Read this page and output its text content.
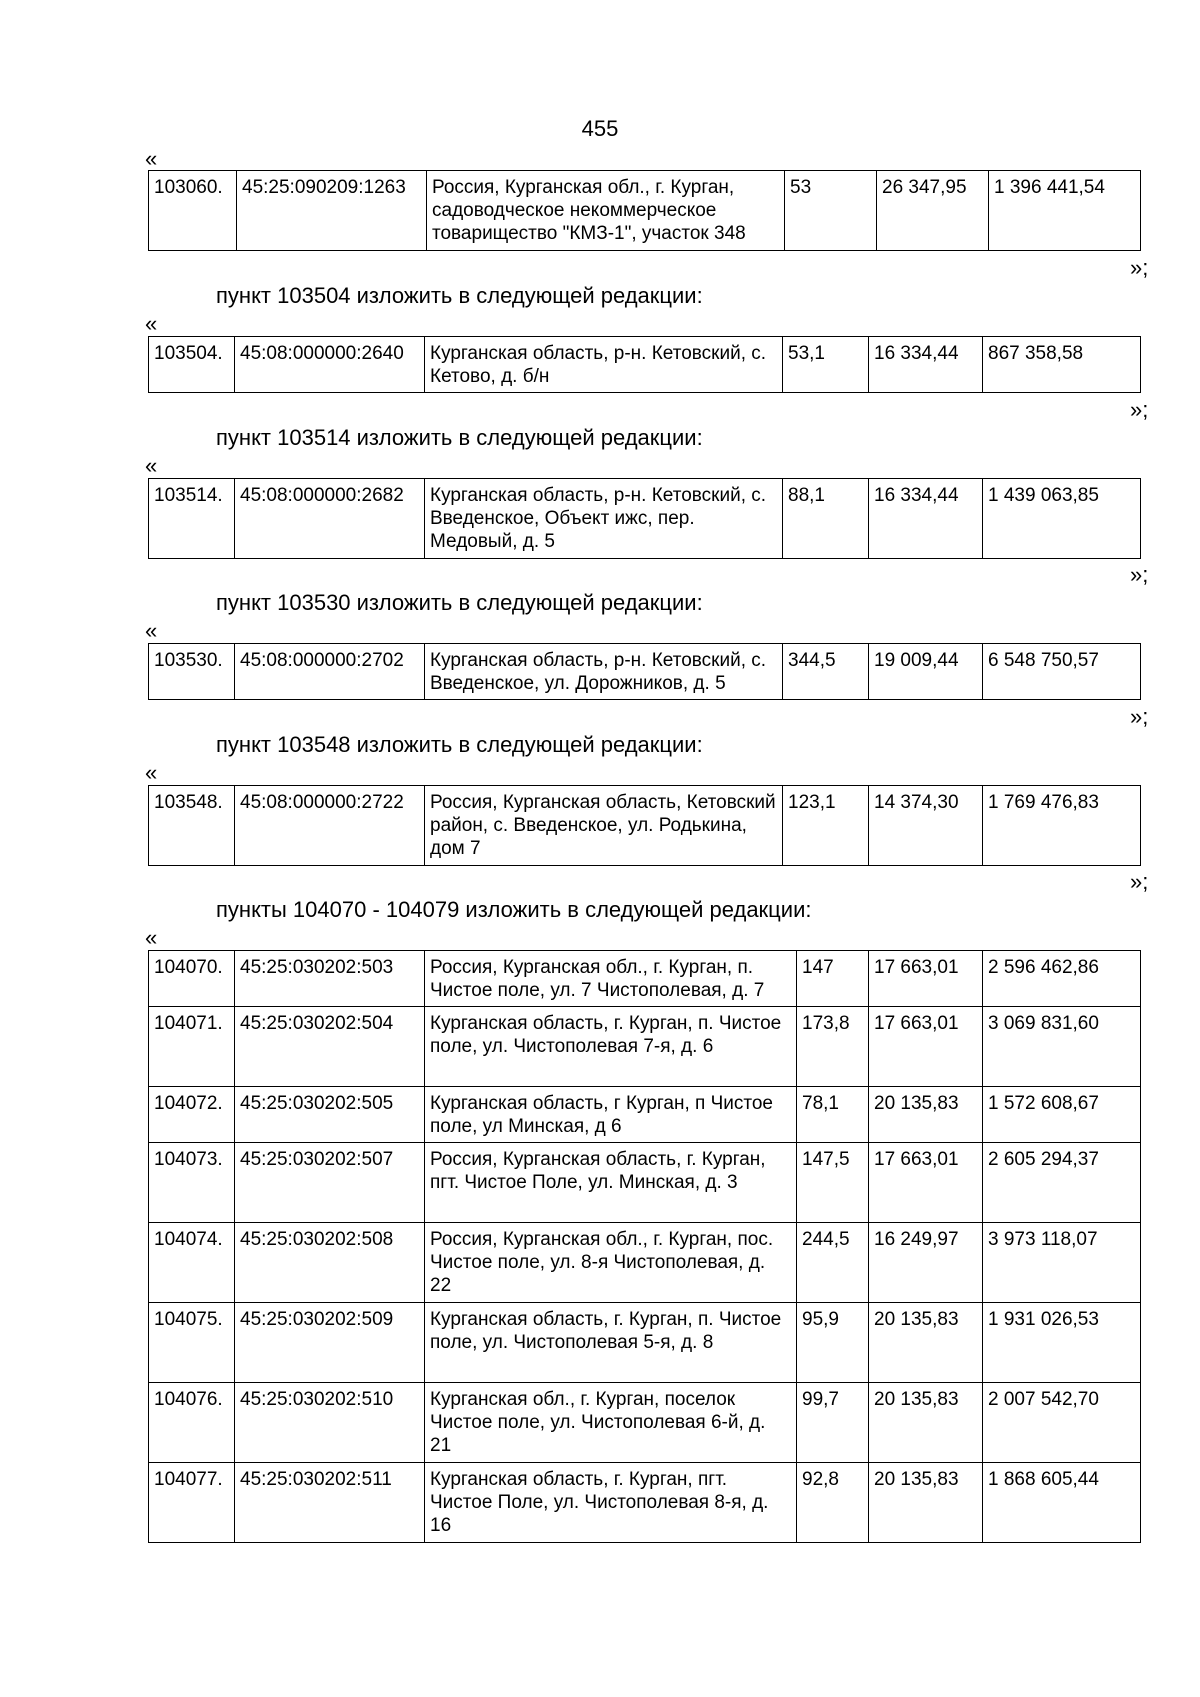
455
«
103060.	45:25:090209:1263	Россия, Курганская обл., г. Курган, садоводческое некоммерческое товарищество "КМЗ-1", участок 348	53	26 347,95	1 396 441,54
»;
пункт 103504 изложить в следующей редакции:
«
103504.	45:08:000000:2640	Курганская область, р-н. Кетовский, с. Кетово, д. б/н	53,1	16 334,44	867 358,58
»;
пункт 103514 изложить в следующей редакции:
«
103514.	45:08:000000:2682	Курганская область, р-н. Кетовский, с. Введенское, Объект ижс, пер. Медовый, д. 5	88,1	16 334,44	1 439 063,85
»;
пункт 103530 изложить в следующей редакции:
«
103530.	45:08:000000:2702	Курганская область, р-н. Кетовский, с. Введенское, ул. Дорожников, д. 5	344,5	19 009,44	6 548 750,57
»;
пункт 103548 изложить в следующей редакции:
«
103548.	45:08:000000:2722	Россия, Курганская область, Кетовский район, с. Введенское, ул. Родькина, дом 7	123,1	14 374,30	1 769 476,83
»;
пункты 104070 - 104079 изложить в следующей редакции:
«
104070.	45:25:030202:503	Россия, Курганская обл., г. Курган, п. Чистое поле, ул. 7 Чистополевая, д. 7	147	17 663,01	2 596 462,86
104071.	45:25:030202:504	Курганская область, г. Курган, п. Чистое поле, ул. Чистополевая 7-я, д. 6	173,8	17 663,01	3 069 831,60
104072.	45:25:030202:505	Курганская область, г Курган, п Чистое поле, ул Минская, д 6	78,1	20 135,83	1 572 608,67
104073.	45:25:030202:507	Россия, Курганская область, г. Курган, пгт. Чистое Поле, ул. Минская, д. 3	147,5	17 663,01	2 605 294,37
104074.	45:25:030202:508	Россия, Курганская обл., г. Курган, пос. Чистое поле, ул. 8-я Чистополевая, д. 22	244,5	16 249,97	3 973 118,07
104075.	45:25:030202:509	Курганская область, г. Курган, п. Чистое поле, ул. Чистополевая 5-я, д. 8	95,9	20 135,83	1 931 026,53
104076.	45:25:030202:510	Курганская обл., г. Курган, поселок Чистое поле, ул. Чистополевая 6-й, д. 21	99,7	20 135,83	2 007 542,70
104077.	45:25:030202:511	Курганская область, г. Курган, пгт. Чистое Поле, ул. Чистополевая 8-я, д. 16	92,8	20 135,83	1 868 605,44
